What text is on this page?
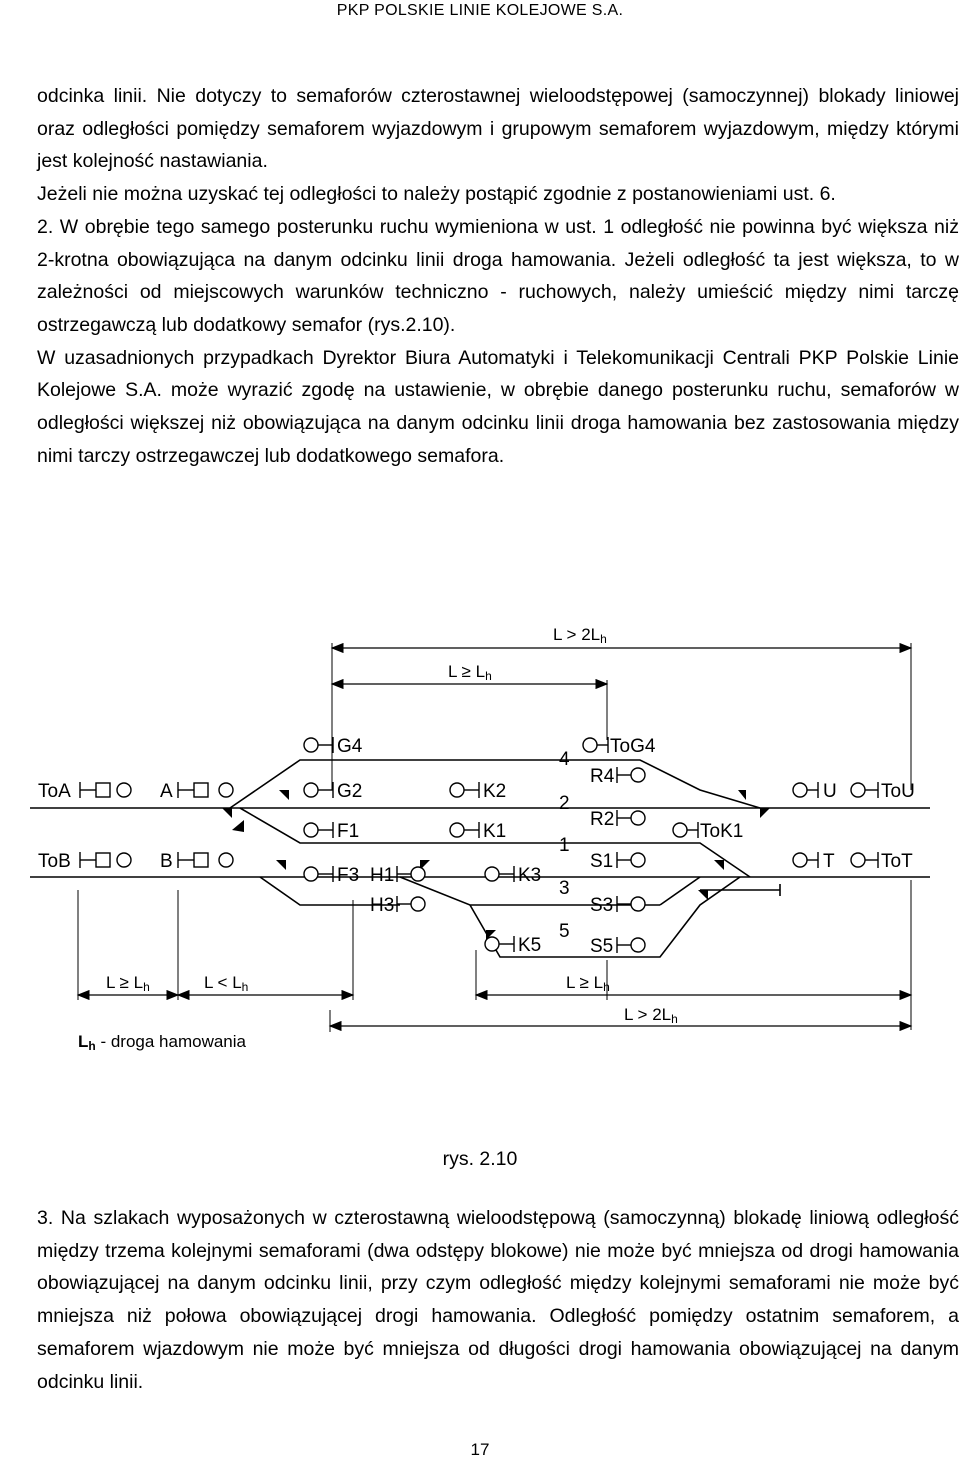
PKP POLSKIE LINIE KOLEJOWE S.A.

odcinka linii. Nie dotyczy to semaforów czterostawnej wieloodstępowej (samoczynnej) blokady liniowej oraz odległości pomiędzy semaforem wyjazdowym i grupowym semaforem wyjazdowym, między którymi jest kolejność nastawiania.

Jeżeli nie można uzyskać tej odległości to należy postąpić zgodnie z postanowieniami ust. 6.

2. W obrębie tego samego posterunku ruchu wymieniona w ust. 1 odległość nie powinna być większa niż 2-krotna obowiązująca na danym odcinku linii droga hamowania. Jeżeli odległość ta jest większa, to w zależności od miejscowych warunków techniczno - ruchowych, należy umieścić między nimi tarczę ostrzegawczą lub dodatkowy semafor (rys.2.10).

W uzasadnionych przypadkach Dyrektor Biura Automatyki i Telekomunikacji Centrali PKP Polskie Linie Kolejowe S.A. może wyrazić zgodę na ustawienie, w obrębie danego posterunku ruchu, semaforów w odległości większej niż obowiązująca na danym odcinku linii droga hamowania bez zastosowania między nimi tarczy ostrzegawczej lub dodatkowego semafora.

L > 2Lh
L ≥ Lh
ToA
ToB
A
B
G4
G2
F1
F3 H1
H3
K2
K1
K3
K5
ToG4
R4
R2
S1
S3
S5
ToK1
U ToU
T ToT
4
2
1
3
5
L ≥ Lh	L < Lh	L ≥ Lh
L > 2Lh
Lh - droga hamowania
rys. 2.10

3. Na szlakach wyposażonych w czterostawną wieloodstępową (samoczynną) blokadę liniową odległość między trzema kolejnymi semaforami (dwa odstępy blokowe) nie może być mniejsza od drogi hamowania obowiązującej na danym odcinku linii, przy czym odległość między kolejnymi semaforami nie może być mniejsza niż połowa obowiązującej drogi hamowania. Odległość pomiędzy ostatnim semaforem, a semaforem wjazdowym nie może być mniejsza od długości drogi hamowania obowiązującej na danym odcinku linii.

17
